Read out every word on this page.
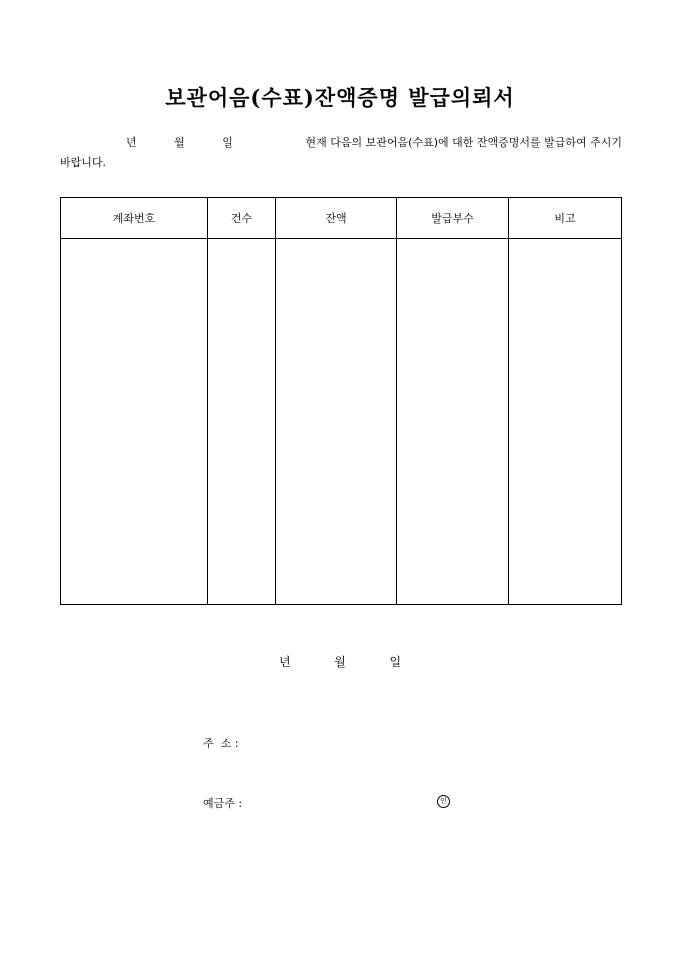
보관어음(수표)잔액증명 발급의뢰서
년	월	일	현재 다음의 보관어음(수표)에 대한 잔액증명서를 발급하여 주시기
바랍니다.
계좌번호	건수	잔액	발급부수	비고

년	월	일
주  소 :
예금주 :	인
